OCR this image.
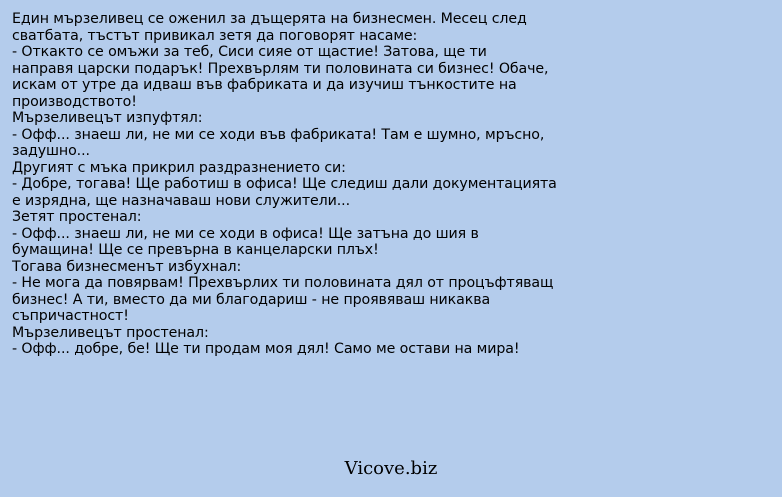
Един мързеливец се оженил за дъщерята на бизнесмен. Месец след
сватбата, тъстът привикал зетя да поговорят насаме:
- Откакто се омъжи за теб, Сиси сияе от щастие! Затова, ще ти
направя царски подарък! Прехвърлям ти половината си бизнес! Обаче,
искам от утре да идваш във фабриката и да изучиш тънкостите на
производството!
Мързеливецът изпуфтял:
- Офф... знаеш ли, не ми се ходи във фабриката! Там е шумно, мръсно,
задушно...
Другият с мъка прикрил раздразнението си:
- Добре, тогава! Ще работиш в офиса! Ще следиш дали документацията
е изрядна, ще назначаваш нови служители...
Зетят простенал:
- Офф... знаеш ли, не ми се ходи в офиса! Ще затъна до шия в
бумащина! Ще се превърна в канцеларски плъх!
Тогава бизнесменът избухнал:
- Не мога да повярвам! Прехвърлих ти половината дял от процъфтяващ
бизнес! А ти, вместо да ми благодариш - не проявяваш никаква
съпричастност!
Мързеливецът простенал:
- Офф... добре, бе! Ще ти продам моя дял! Само ме остави на мира!
Vicove.biz
